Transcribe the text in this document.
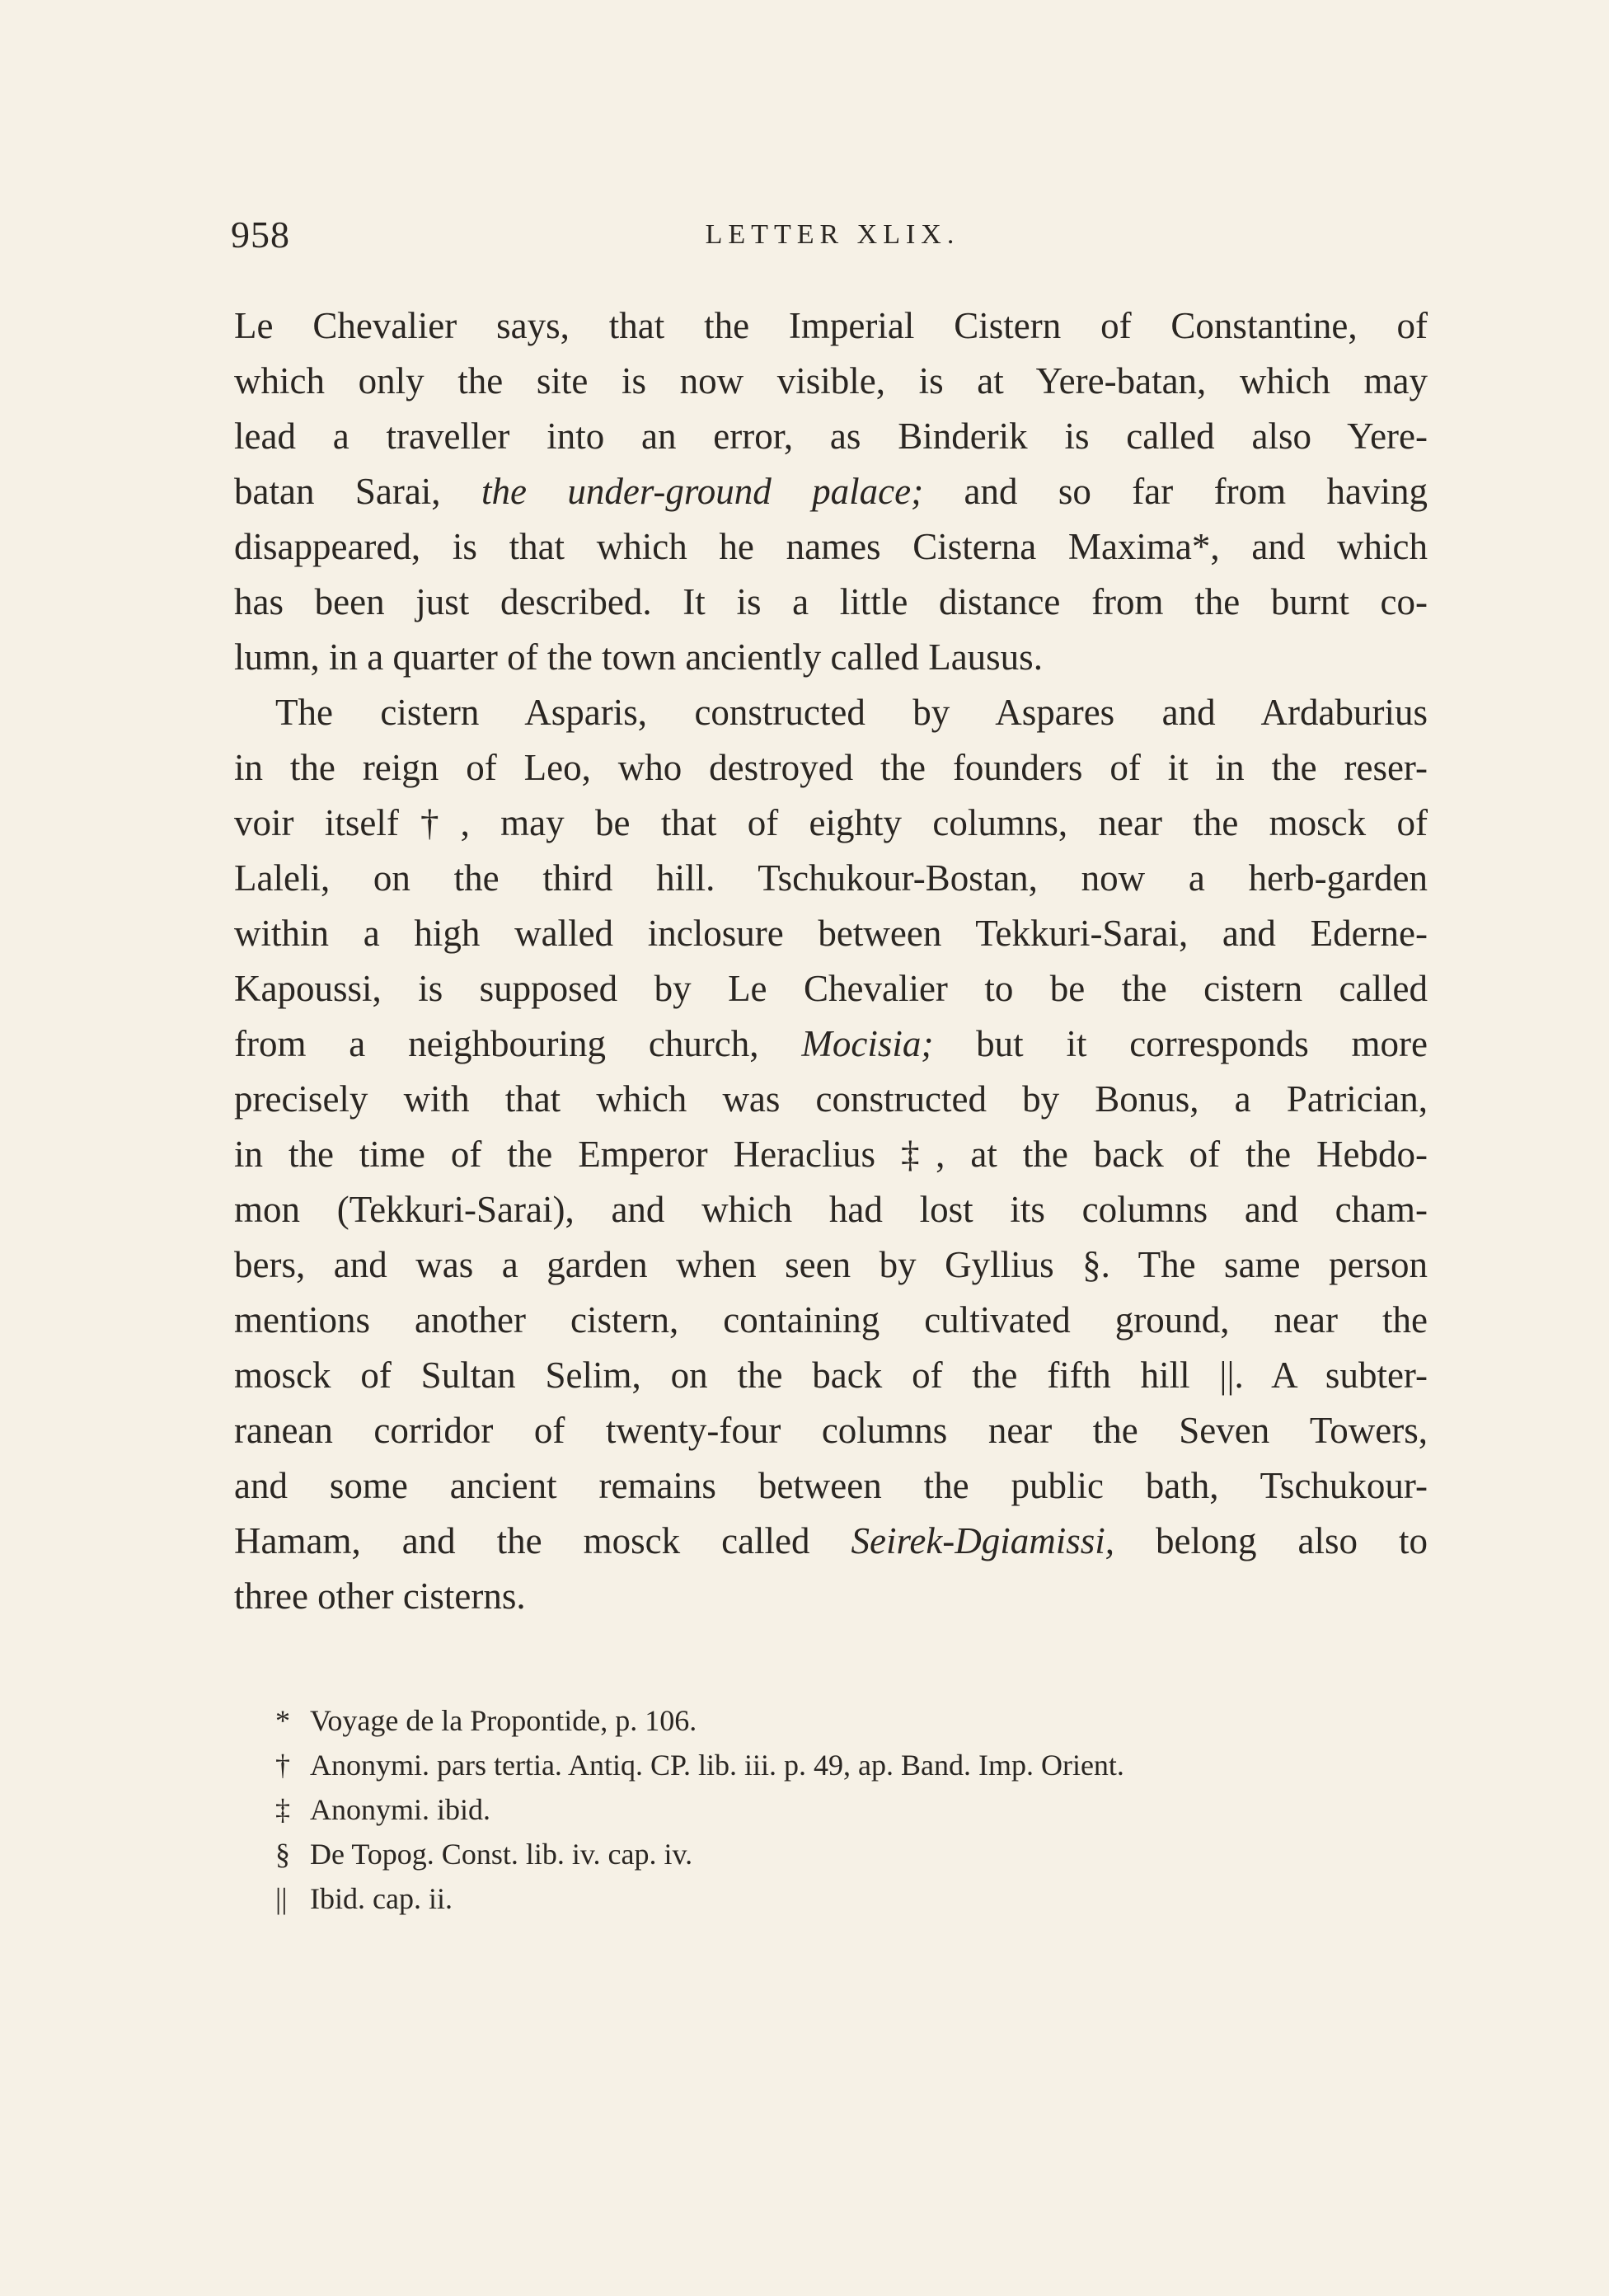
958	LETTER XLIX.
Le Chevalier says, that the Imperial Cistern of Constantine, of
which only the site is now visible, is at Yere-batan, which may
lead a traveller into an error, as Binderik is called also Yere-
batan Sarai, the under-ground palace; and so far from having
disappeared, is that which he names Cisterna Maxima*, and which
has been just described. It is a little distance from the burnt co-
lumn, in a quarter of the town anciently called Lausus.
The cistern Asparis, constructed by Aspares and Ardaburius
in the reign of Leo, who destroyed the founders of it in the reser-
voir itself†, may be that of eighty columns, near the mosck of
Laleli, on the third hill. Tschukour-Bostan, now a herb-garden
within a high walled inclosure between Tekkuri-Sarai, and Ederne-
Kapoussi, is supposed by Le Chevalier to be the cistern called
from a neighbouring church, Mocisia; but it corresponds more
precisely with that which was constructed by Bonus, a Patrician,
in the time of the Emperor Heraclius ‡, at the back of the Hebdo-
mon (Tekkuri-Sarai), and which had lost its columns and cham-
bers, and was a garden when seen by Gyllius §. The same person
mentions another cistern, containing cultivated ground, near the
mosck of Sultan Selim, on the back of the fifth hill ||. A subter-
ranean corridor of twenty-four columns near the Seven Towers,
and some ancient remains between the public bath, Tschukour-
Hamam, and the mosck called Seirek-Dgiamissi, belong also to
three other cisterns.
* Voyage de la Propontide, p. 106.
† Anonymi. pars tertia. Antiq. CP. lib. iii. p. 49, ap. Band. Imp. Orient.
‡ Anonymi. ibid.
§ De Topog. Const. lib. iv. cap. iv.
|| Ibid. cap. ii.
